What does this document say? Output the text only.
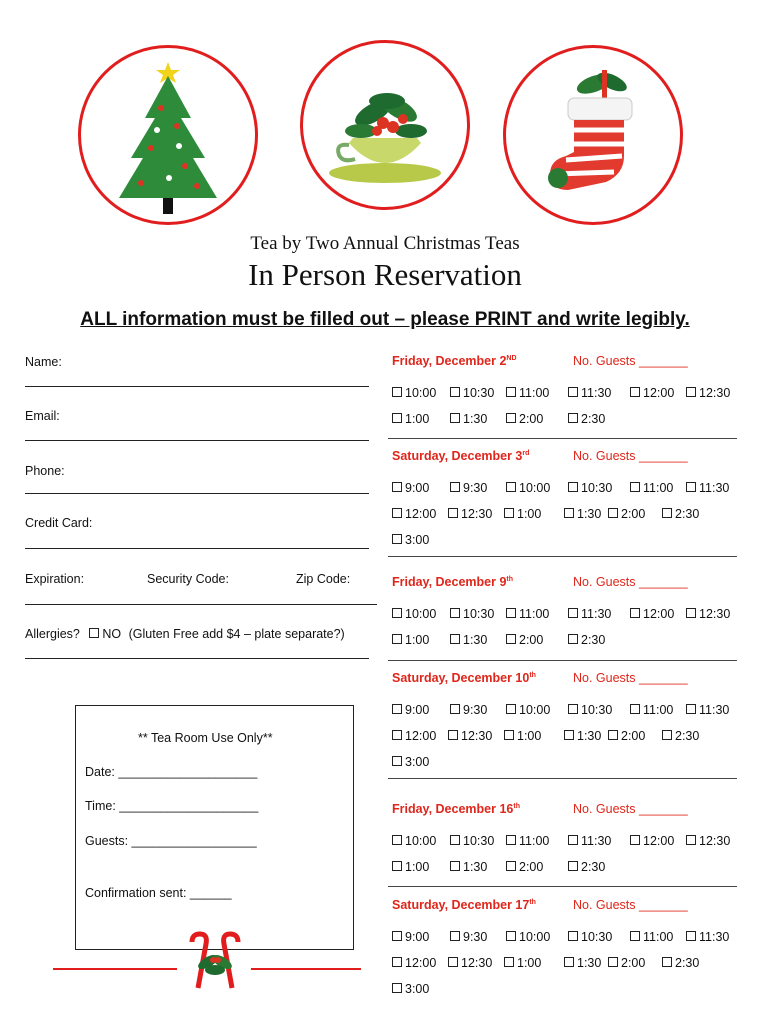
Tea by Two Annual Christmas Teas
In Person Reservation
ALL information must be filled out – please PRINT and write legibly.
Name:
Email:
Phone:
Credit Card:
Expiration:	Security Code:	Zip Code:
Allergies? NO (Gluten Free add $4 – plate separate?)
** Tea Room Use Only**
Date: ____________________
Time: ____________________
Guests: __________________
Confirmation sent: ______
Friday, December 2ND	No. Guests _______
10:00	10:30	11:00	11:30	12:00	12:30
1:00	1:30	2:00	2:30
Saturday, December 3rd	No. Guests _______
9:00	9:30	10:00	10:30	11:00	11:30
12:00	12:30	1:00	1:30	2:00	2:30
3:00
Friday, December 9th	No. Guests _______
10:00	10:30	11:00	11:30	12:00	12:30
1:00	1:30	2:00	2:30
Saturday, December 10th	No. Guests _______
9:00	9:30	10:00	10:30	11:00	11:30
12:00	12:30	1:00	1:30	2:00	2:30
3:00
Friday, December 16th	No. Guests _______
10:00	10:30	11:00	11:30	12:00	12:30
1:00	1:30	2:00	2:30
Saturday, December 17th	No. Guests _______
9:00	9:30	10:00	10:30	11:00	11:30
12:00	12:30	1:00	1:30	2:00	2:30
3:00
